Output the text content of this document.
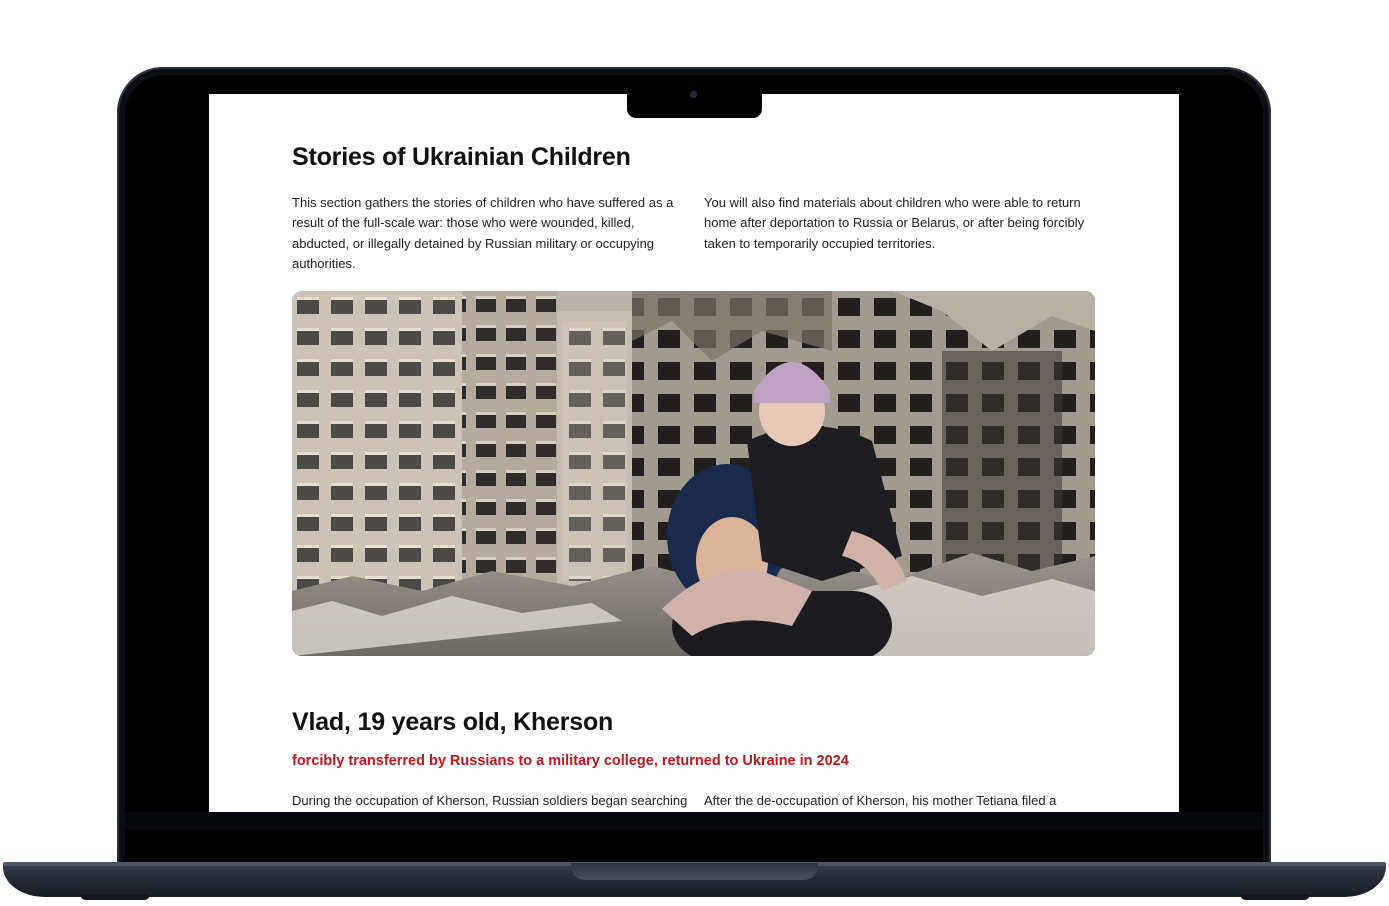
Stories of Ukrainian Children

This section gathers the stories of children who have suffered as a result of the full-scale war: those who were wounded, killed, abducted, or illegally detained by Russian military or occupying authorities.

You will also find materials about children who were able to return home after deportation to Russia or Belarus, or after being forcibly taken to temporarily occupied territories.

Vlad, 19 years old, Kherson

forcibly transferred by Russians to a military college, returned to Ukraine in 2024

During the occupation of Kherson, Russian soldiers began searching After the de-occupation of Kherson, his mother Tetiana filed a
